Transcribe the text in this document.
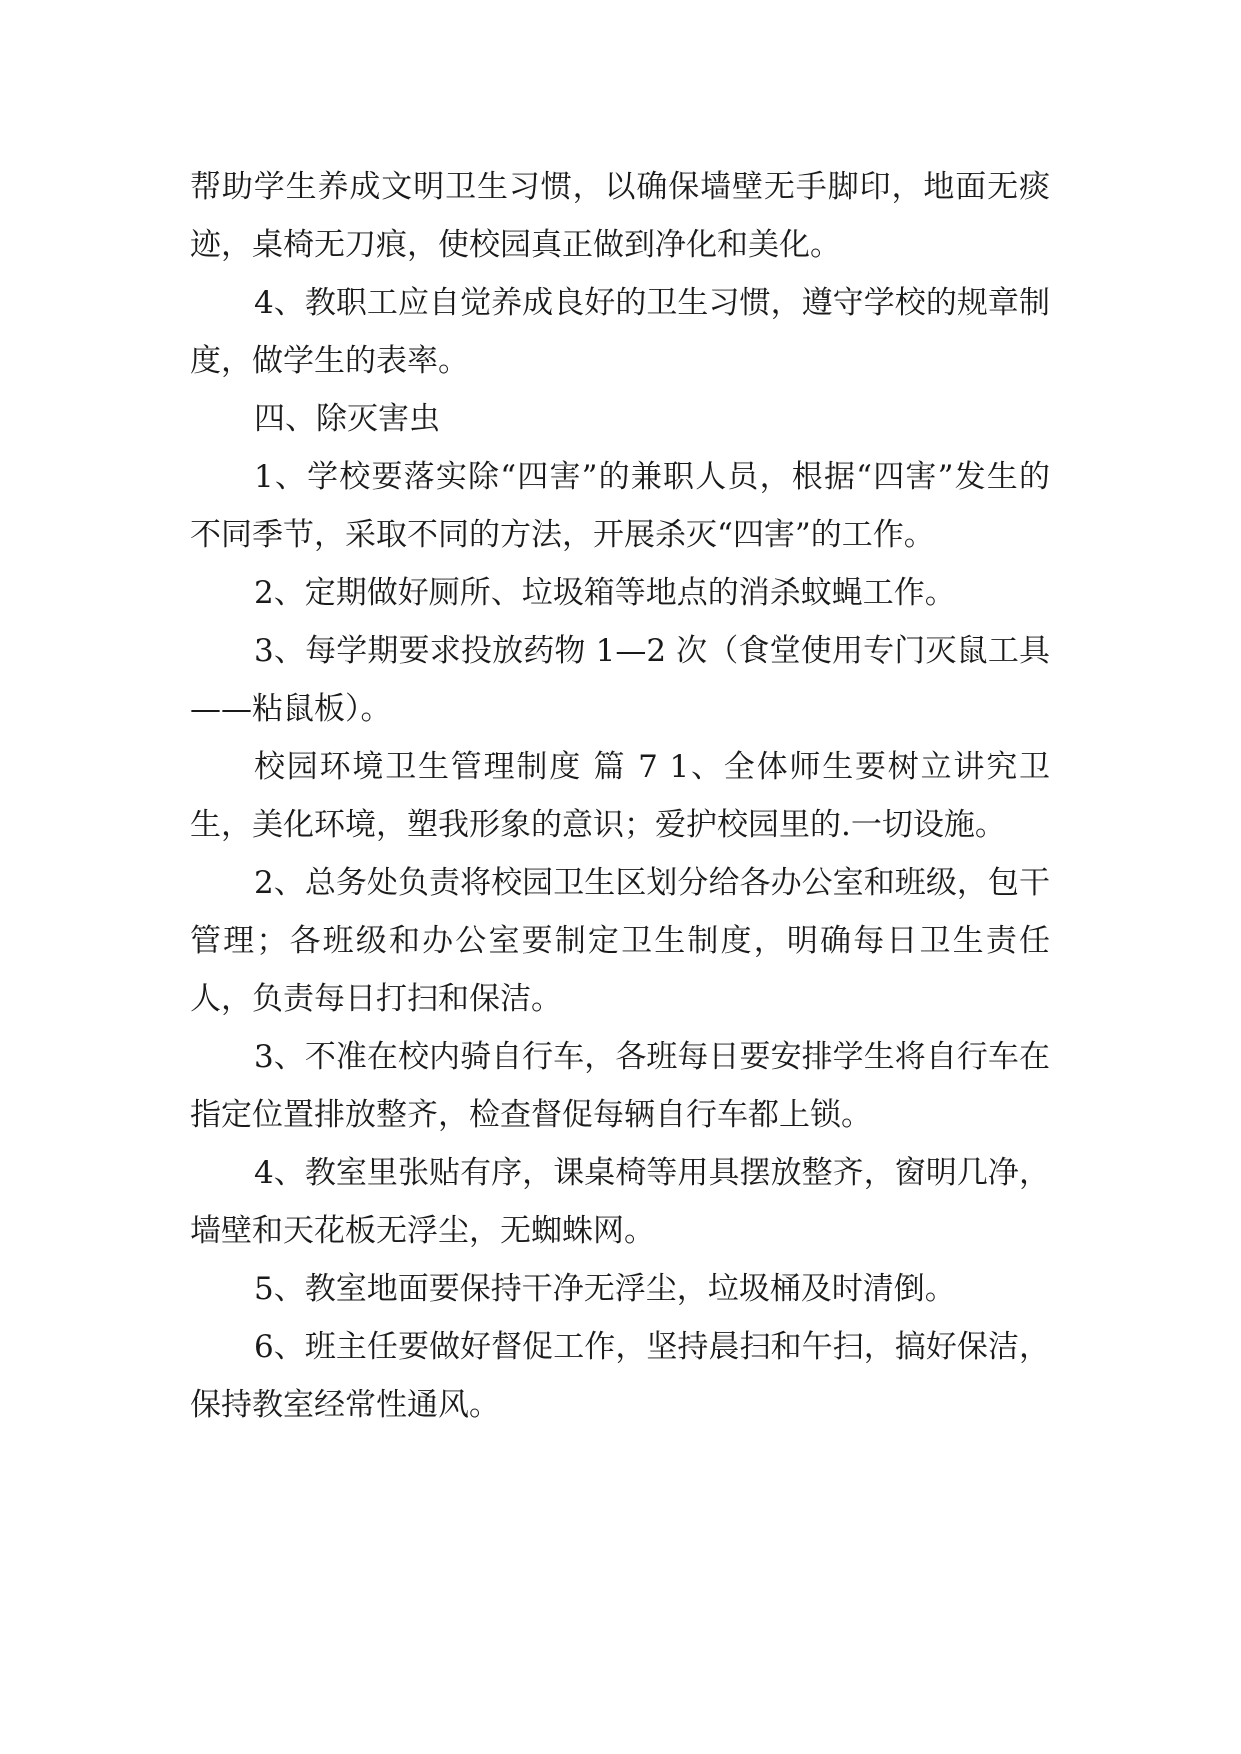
帮助学生养成文明卫生习惯，以确保墙壁无手脚印，地面无痰迹，桌椅无刀痕，使校园真正做到净化和美化。

4、教职工应自觉养成良好的卫生习惯，遵守学校的规章制度，做学生的表率。

四、除灭害虫

1、学校要落实除“四害”的兼职人员，根据“四害”发生的不同季节，采取不同的方法，开展杀灭“四害”的工作。

2、定期做好厕所、垃圾箱等地点的消杀蚊蝇工作。

3、每学期要求投放药物 1—2 次（食堂使用专门灭鼠工具——粘鼠板）。

校园环境卫生管理制度 篇 7 1、全体师生要树立讲究卫生，美化环境，塑我形象的意识；爱护校园里的.一切设施。

2、总务处负责将校园卫生区划分给各办公室和班级，包干管理；各班级和办公室要制定卫生制度，明确每日卫生责任人，负责每日打扫和保洁。

3、不准在校内骑自行车，各班每日要安排学生将自行车在指定位置排放整齐，检查督促每辆自行车都上锁。

4、教室里张贴有序，课桌椅等用具摆放整齐，窗明几净，墙壁和天花板无浮尘，无蜘蛛网。

5、教室地面要保持干净无浮尘，垃圾桶及时清倒。

6、班主任要做好督促工作，坚持晨扫和午扫，搞好保洁，保持教室经常性通风。
